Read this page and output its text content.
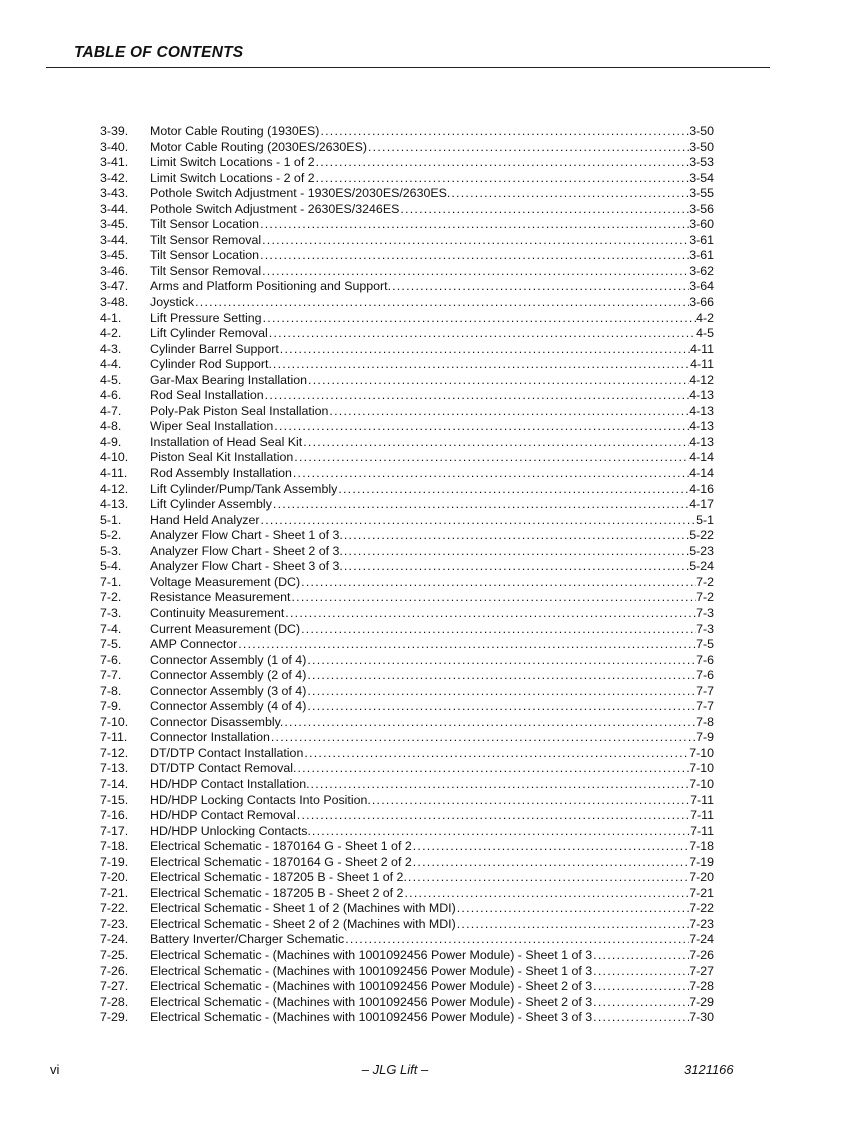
TABLE OF CONTENTS
3-39.	Motor Cable Routing (1930ES) . . .	3-50
3-40.	Motor Cable Routing (2030ES/2630ES) . . .	3-50
3-41.	Limit Switch Locations - 1 of 2 . . .	3-53
3-42.	Limit Switch Locations - 2 of 2 . . .	3-54
3-43.	Pothole Switch Adjustment - 1930ES/2030ES/2630ES. . . .	3-55
3-44.	Pothole Switch Adjustment - 2630ES/3246ES . . .	3-56
3-45.	Tilt Sensor Location . . .	3-60
3-44.	Tilt Sensor Removal . . .	3-61
3-45.	Tilt Sensor Location . . .	3-61
3-46.	Tilt Sensor Removal . . .	3-62
3-47.	Arms and Platform Positioning and Support. . . .	3-64
3-48.	Joystick . . .	3-66
4-1.	Lift Pressure Setting . . .	4-2
4-2.	Lift Cylinder Removal . . .	4-5
4-3.	Cylinder Barrel Support . . .	4-11
4-4.	Cylinder Rod Support. . . .	4-11
4-5.	Gar-Max Bearing Installation . . .	4-12
4-6.	Rod Seal Installation . . .	4-13
4-7.	Poly-Pak Piston Seal Installation . . .	4-13
4-8.	Wiper Seal Installation . . .	4-13
4-9.	Installation of Head Seal Kit . . .	4-13
4-10.	Piston Seal Kit Installation . . .	4-14
4-11.	Rod Assembly Installation . . .	4-14
4-12.	Lift Cylinder/Pump/Tank Assembly . . .	4-16
4-13.	Lift Cylinder Assembly . . .	4-17
5-1.	Hand Held Analyzer . . .	5-1
5-2.	Analyzer Flow Chart - Sheet 1 of 3. . . .	5-22
5-3.	Analyzer Flow Chart - Sheet 2 of 3. . . .	5-23
5-4.	Analyzer Flow Chart - Sheet 3 of 3. . . .	5-24
7-1.	Voltage Measurement (DC) . . .	7-2
7-2.	Resistance Measurement . . .	7-2
7-3.	Continuity Measurement . . .	7-3
7-4.	Current Measurement (DC) . . .	7-3
7-5.	AMP Connector . . .	7-5
7-6.	Connector Assembly (1 of 4) . . .	7-6
7-7.	Connector Assembly (2 of 4) . . .	7-6
7-8.	Connector Assembly (3 of 4) . . .	7-7
7-9.	Connector Assembly (4 of 4) . . .	7-7
7-10.	Connector Disassembly. . . .	7-8
7-11.	Connector Installation . . .	7-9
7-12.	DT/DTP Contact Installation . . .	7-10
7-13.	DT/DTP Contact Removal. . . .	7-10
7-14.	HD/HDP Contact Installation. . . .	7-10
7-15.	HD/HDP Locking Contacts Into Position. . . .	7-11
7-16.	HD/HDP Contact Removal . . .	7-11
7-17.	HD/HDP Unlocking Contacts. . . .	7-11
7-18.	Electrical Schematic - 1870164 G - Sheet 1 of 2 . . .	7-18
7-19.	Electrical Schematic - 1870164 G - Sheet 2 of 2 . . .	7-19
7-20.	Electrical Schematic - 187205 B - Sheet 1 of 2. . . .	7-20
7-21.	Electrical Schematic - 187205 B - Sheet 2 of 2 . . .	7-21
7-22.	Electrical Schematic - Sheet 1 of 2 (Machines with MDI) . . .	7-22
7-23.	Electrical Schematic - Sheet 2 of 2 (Machines with MDI) . . .	7-23
7-24.	Battery Inverter/Charger Schematic . . .	7-24
7-25.	Electrical Schematic - (Machines with 1001092456 Power Module) - Sheet 1 of 3 . . .	7-26
7-26.	Electrical Schematic - (Machines with 1001092456 Power Module) - Sheet 1 of 3 . . .	7-27
7-27.	Electrical Schematic - (Machines with 1001092456 Power Module) - Sheet 2 of 3 . . .	7-28
7-28.	Electrical Schematic - (Machines with 1001092456 Power Module) - Sheet 2 of 3 . . .	7-29
7-29.	Electrical Schematic - (Machines with 1001092456 Power Module) - Sheet 3 of 3 . . .	7-30
vi	– JLG Lift –	3121166
